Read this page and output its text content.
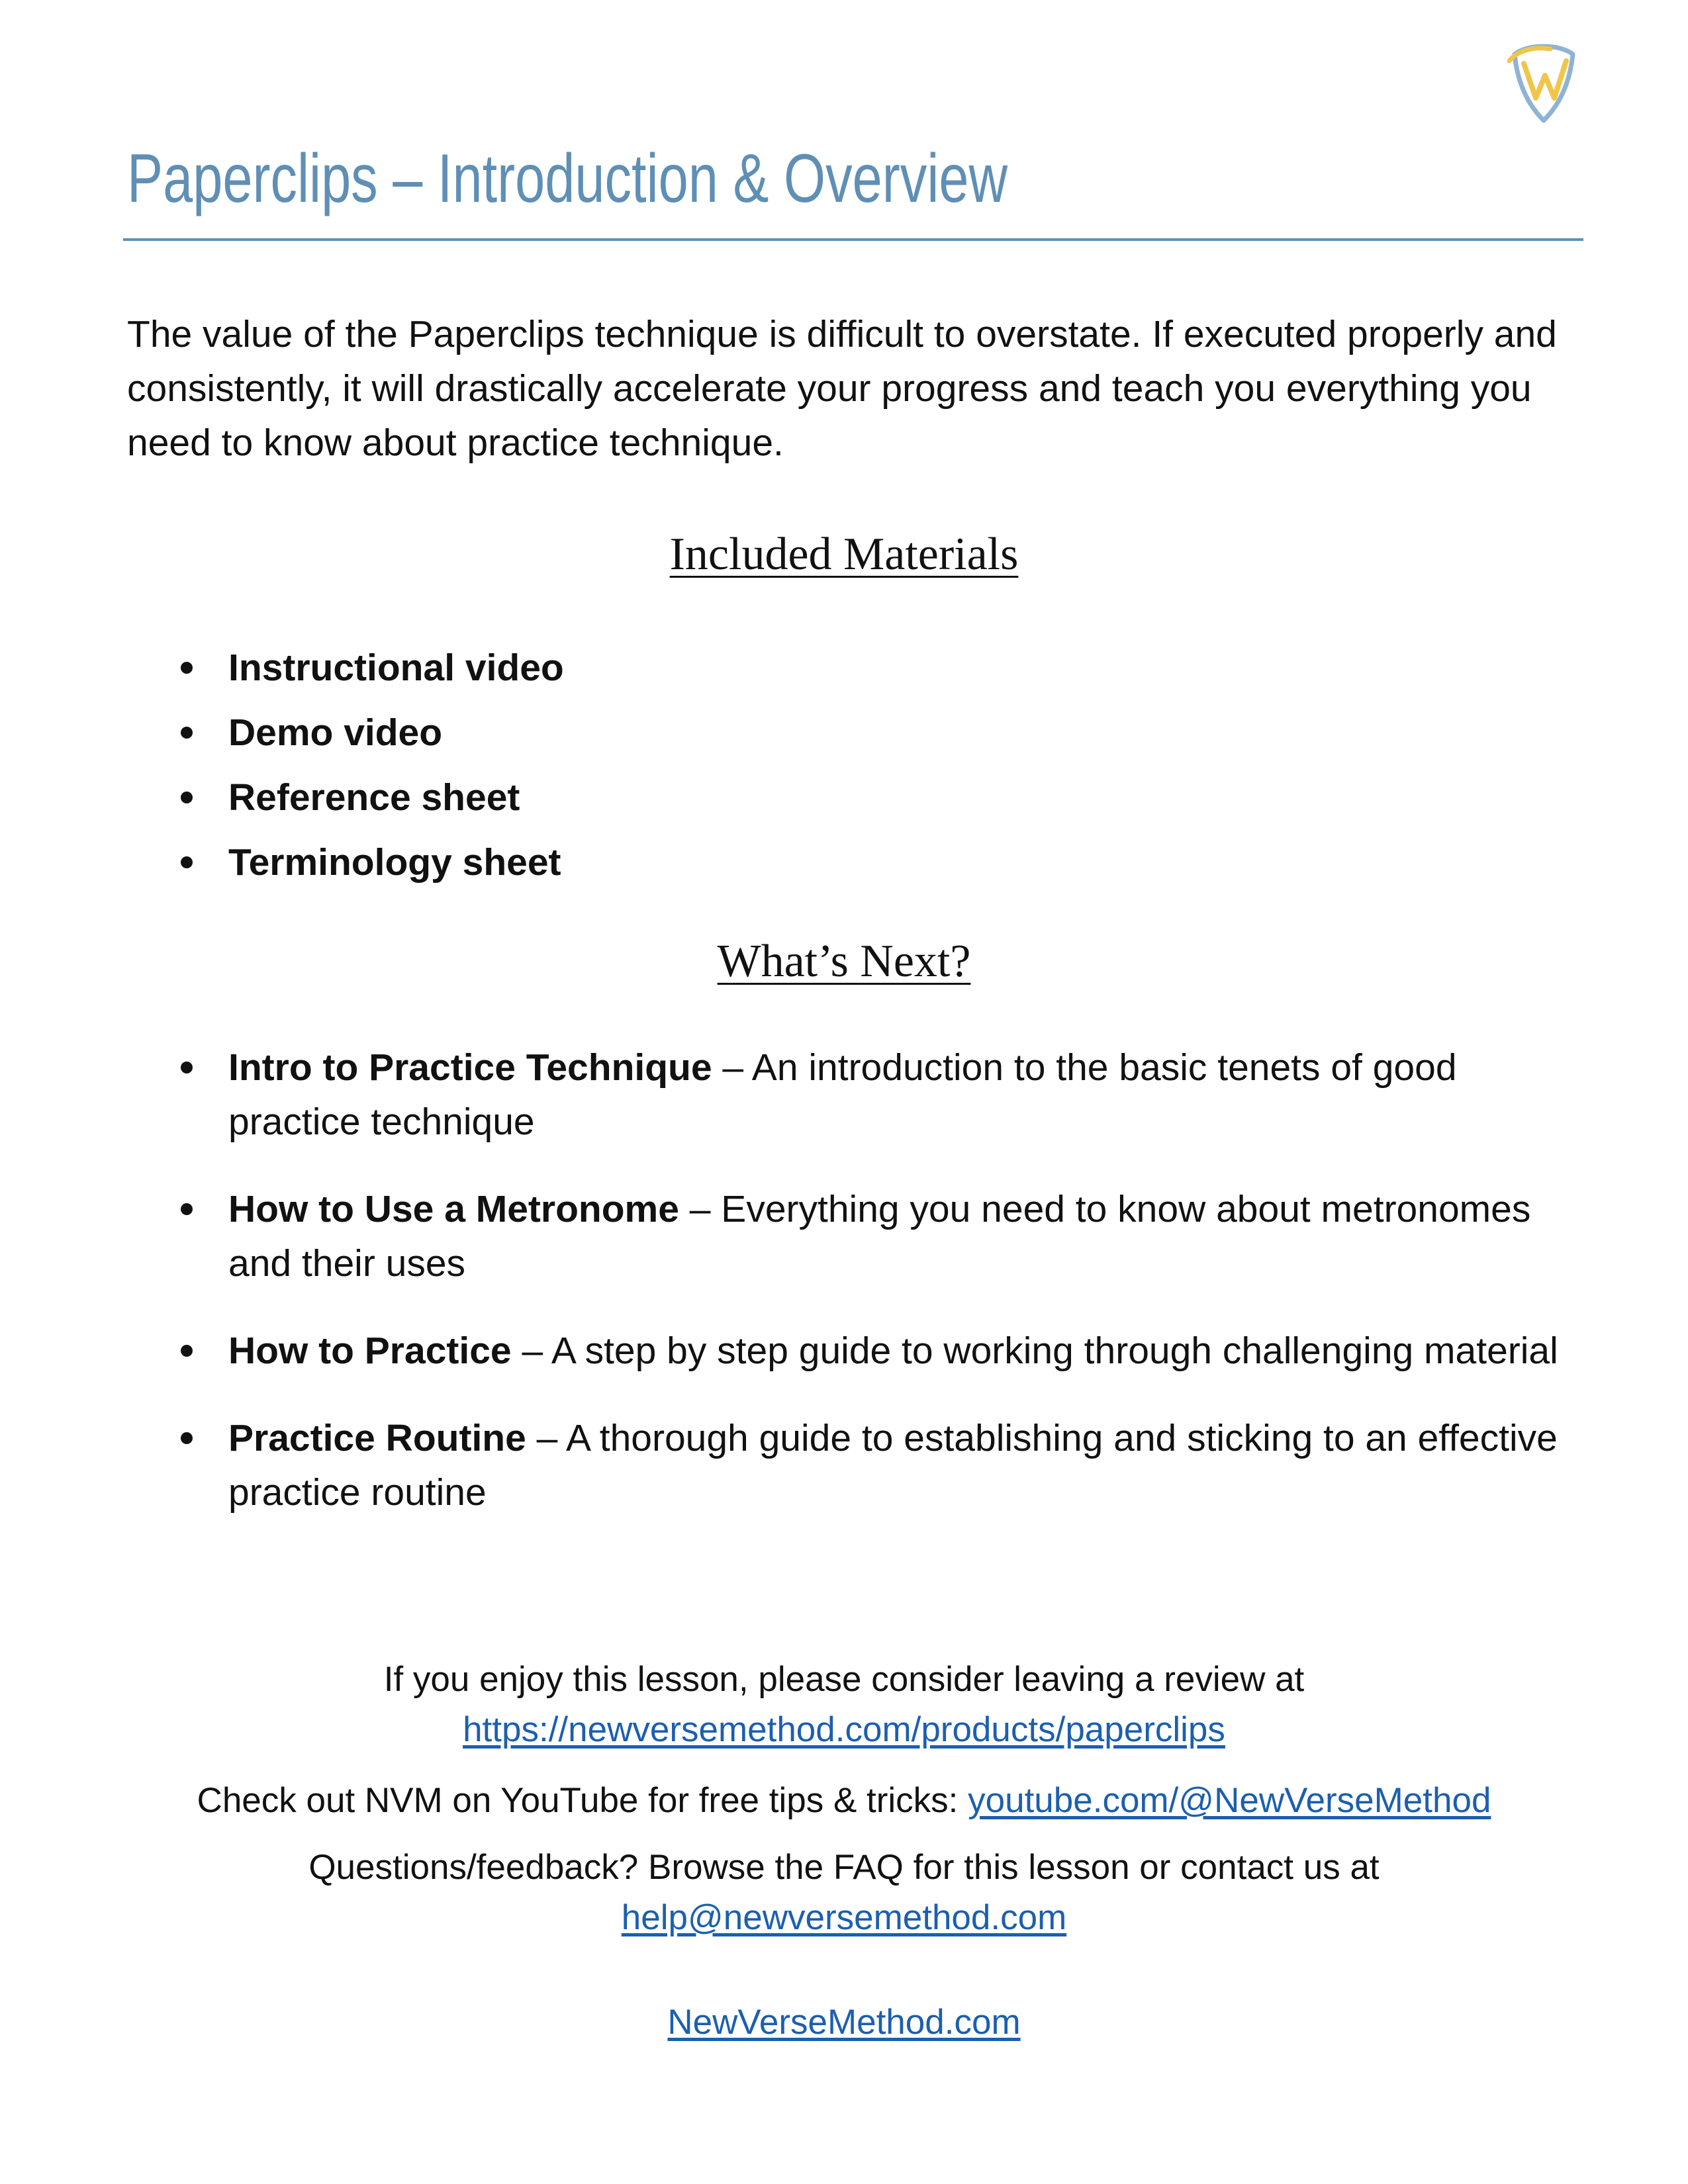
Paperclips – Introduction & Overview

The value of the Paperclips technique is difficult to overstate. If executed properly and consistently, it will drastically accelerate your progress and teach you everything you need to know about practice technique.

Included Materials
Instructional video
Demo video
Reference sheet
Terminology sheet
What’s Next?
Intro to Practice Technique – An introduction to the basic tenets of good practice technique
How to Use a Metronome – Everything you need to know about metronomes and their uses
How to Practice – A step by step guide to working through challenging material
Practice Routine – A thorough guide to establishing and sticking to an effective practice routine

If you enjoy this lesson, please consider leaving a review at
https://newversemethod.com/products/paperclips

Check out NVM on YouTube for free tips & tricks: youtube.com/@NewVerseMethod

Questions/feedback? Browse the FAQ for this lesson or contact us at
help@newversemethod.com

NewVerseMethod.com
